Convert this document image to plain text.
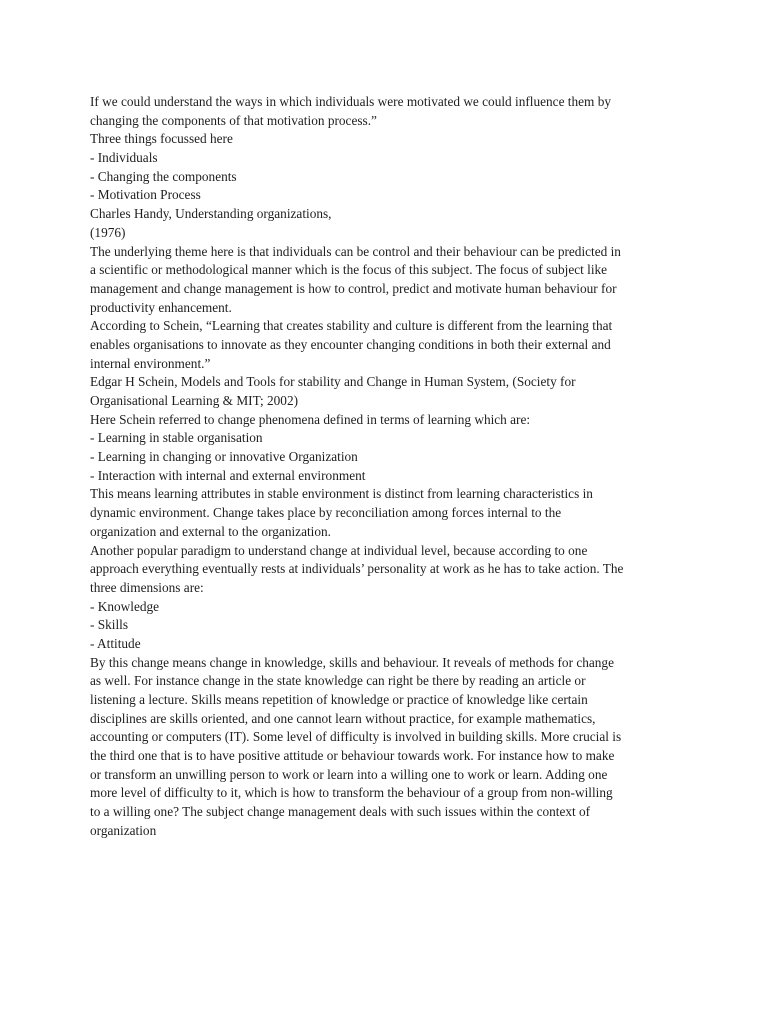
If we could understand the ways in which individuals were motivated we could influence them by
changing the components of that motivation process.”
Three things focussed here
- Individuals
- Changing the components
- Motivation Process
Charles Handy, Understanding organizations,
(1976)
The underlying theme here is that individuals can be control and their behaviour can be predicted in
a scientific or methodological manner which is the focus of this subject. The focus of subject like
management and change management is how to control, predict and motivate human behaviour for
productivity enhancement.
According to Schein, “Learning that creates stability and culture is different from the learning that
enables organisations to innovate as they encounter changing conditions in both their external and
internal environment.”
Edgar H Schein, Models and Tools for stability and Change in Human System, (Society for
Organisational Learning & MIT; 2002)
Here Schein referred to change phenomena defined in terms of learning which are:
- Learning in stable organisation
- Learning in changing or innovative Organization
- Interaction with internal and external environment
This means learning attributes in stable environment is distinct from learning characteristics in
dynamic environment. Change takes place by reconciliation among forces internal to the
organization and external to the organization.
Another popular paradigm to understand change at individual level, because according to one
approach everything eventually rests at individuals’ personality at work as he has to take action. The
three dimensions are:
- Knowledge
- Skills
- Attitude
By this change means change in knowledge, skills and behaviour. It reveals of methods for change
as well. For instance change in the state knowledge can right be there by reading an article or
listening a lecture. Skills means repetition of knowledge or practice of knowledge like certain
disciplines are skills oriented, and one cannot learn without practice, for example mathematics,
accounting or computers (IT). Some level of difficulty is involved in building skills. More crucial is
the third one that is to have positive attitude or behaviour towards work. For instance how to make
or transform an unwilling person to work or learn into a willing one to work or learn. Adding one
more level of difficulty to it, which is how to transform the behaviour of a group from non-willing
to a willing one? The subject change management deals with such issues within the context of
organization
